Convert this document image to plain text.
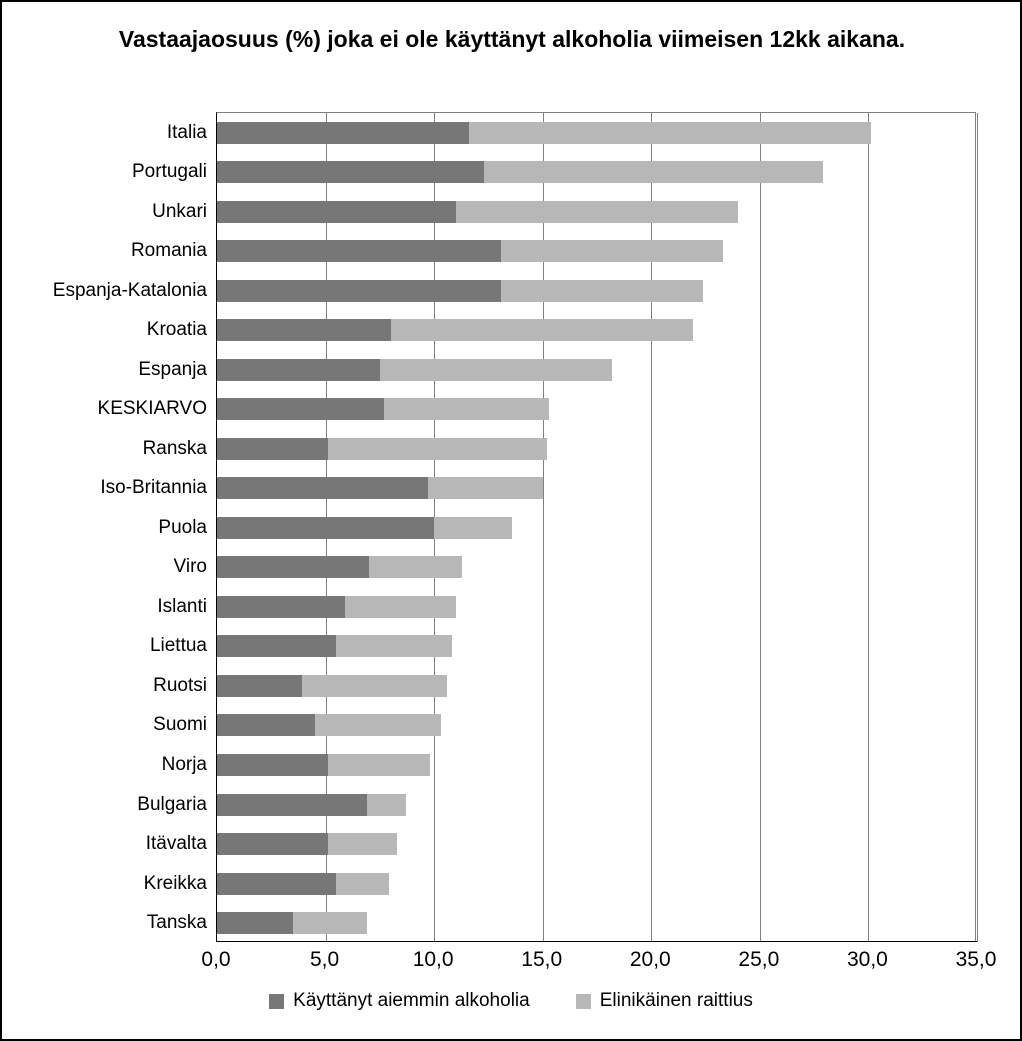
Vastaajaosuus (%) joka ei ole käyttänyt alkoholia viimeisen 12kk aikana.
Italia
Portugali
Unkari
Romania
Espanja-Katalonia
Kroatia
Espanja
KESKIARVO
Ranska
Iso-Britannia
Puola
Viro
Islanti
Liettua
Ruotsi
Suomi
Norja
Bulgaria
Itävalta
Kreikka
Tanska
0,0	5,0	10,0	15,0	20,0	25,0	30,0	35,0
Käyttänyt aiemmin alkoholia	Elinikäinen raittius
